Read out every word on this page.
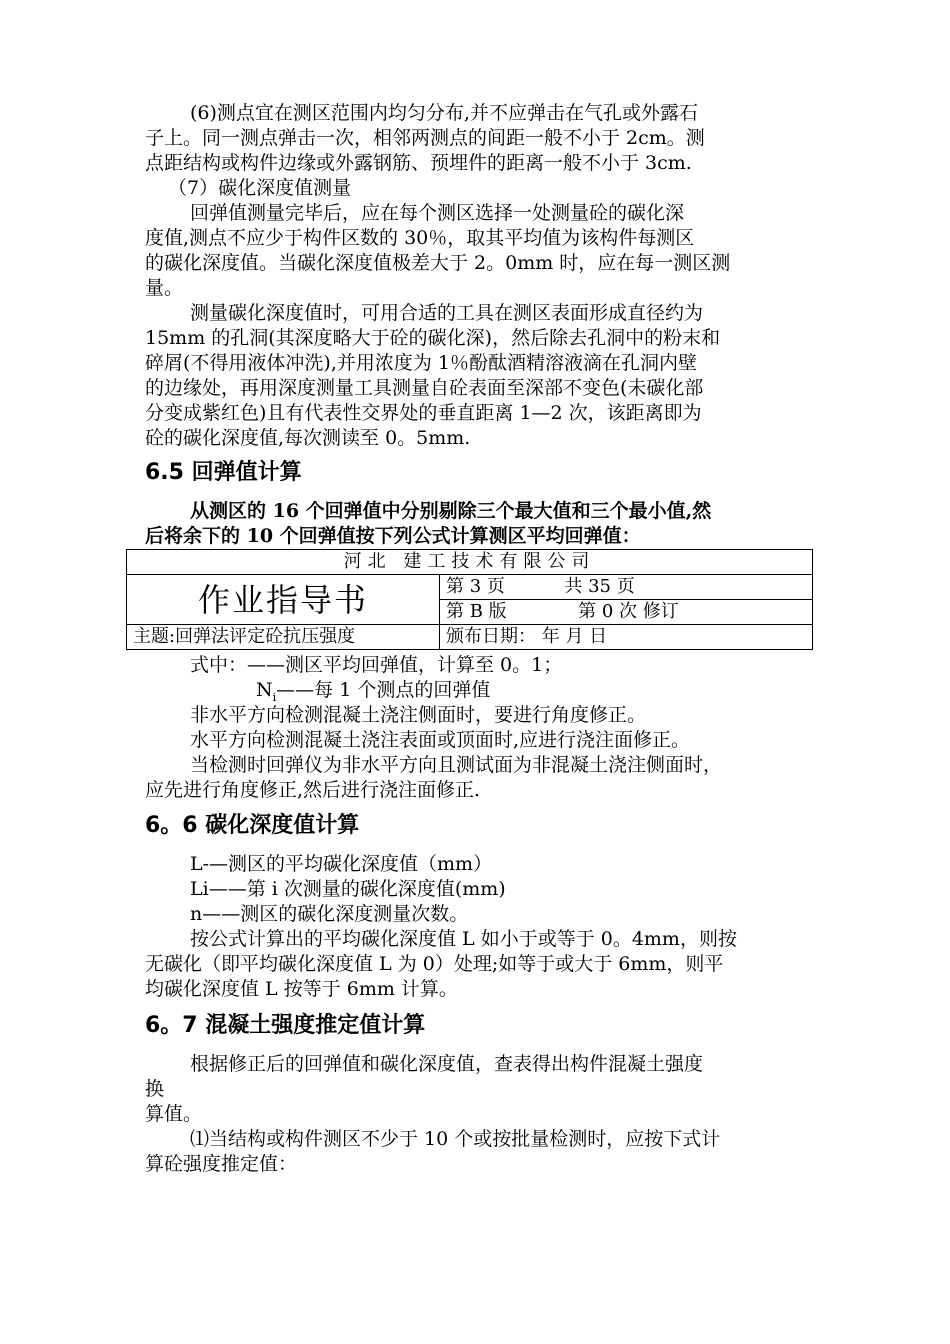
(6)测点宜在测区范围内均匀分布,并不应弹击在气孔或外露石
子上。同一测点弹击一次，相邻两测点的间距一般不小于 2cm。测
点距结构或构件边缘或外露钢筋、预埋件的距离一般不小于 3cm.
（7）碳化深度值测量
回弹值测量完毕后，应在每个测区选择一处测量砼的碳化深
度值,测点不应少于构件区数的 30％，取其平均值为该构件每测区
的碳化深度值。当碳化深度值极差大于 2。0mm 时，应在每一测区测
量。
测量碳化深度值时，可用合适的工具在测区表面形成直径约为
15mm 的孔洞(其深度略大于砼的碳化深)，然后除去孔洞中的粉末和
碎屑(不得用液体冲洗),并用浓度为 1％酚酞酒精溶液滴在孔洞内壁
的边缘处，再用深度测量工具测量自砼表面至深部不变色(未碳化部
分变成紫红色)且有代表性交界处的垂直距离 1—2 次，该距离即为
砼的碳化深度值,每次测读至 0。5mm.
6.5 回弹值计算
从测区的 16 个回弹值中分别剔除三个最大值和三个最小值,然
后将余下的 10 个回弹值按下列公式计算测区平均回弹值：
河北 建工技术有限公司	
作业指导书	第 3 页 共 35 页
	第 B 版 第 0 次 修订
主题:回弹法评定砼抗压强度	颁布日期： 年 月 日
式中：——测区平均回弹值，计算至 0。1；
$N_i——$每 1 个测点的回弹值
非水平方向检测混凝土浇注侧面时，要进行角度修正。
水平方向检测混凝土浇注表面或顶面时,应进行浇注面修正。
当检测时回弹仪为非水平方向且测试面为非混凝土浇注侧面时，
应先进行角度修正,然后进行浇注面修正.
6。6 碳化深度值计算
L-—测区的平均碳化深度值（mm）
Li——第 i 次测量的碳化深度值(mm)
n——测区的碳化深度测量次数。
按公式计算出的平均碳化深度值 L 如小于或等于 0。4mm，则按
无碳化（即平均碳化深度值 L 为 0）处理;如等于或大于 6mm，则平
均碳化深度值 L 按等于 6mm 计算。
6。7 混凝土强度推定值计算
根据修正后的回弹值和碳化深度值，查表得出构件混凝土强度
换
算值。
⑴当结构或构件测区不少于 10 个或按批量检测时，应按下式计
算砼强度推定值：
